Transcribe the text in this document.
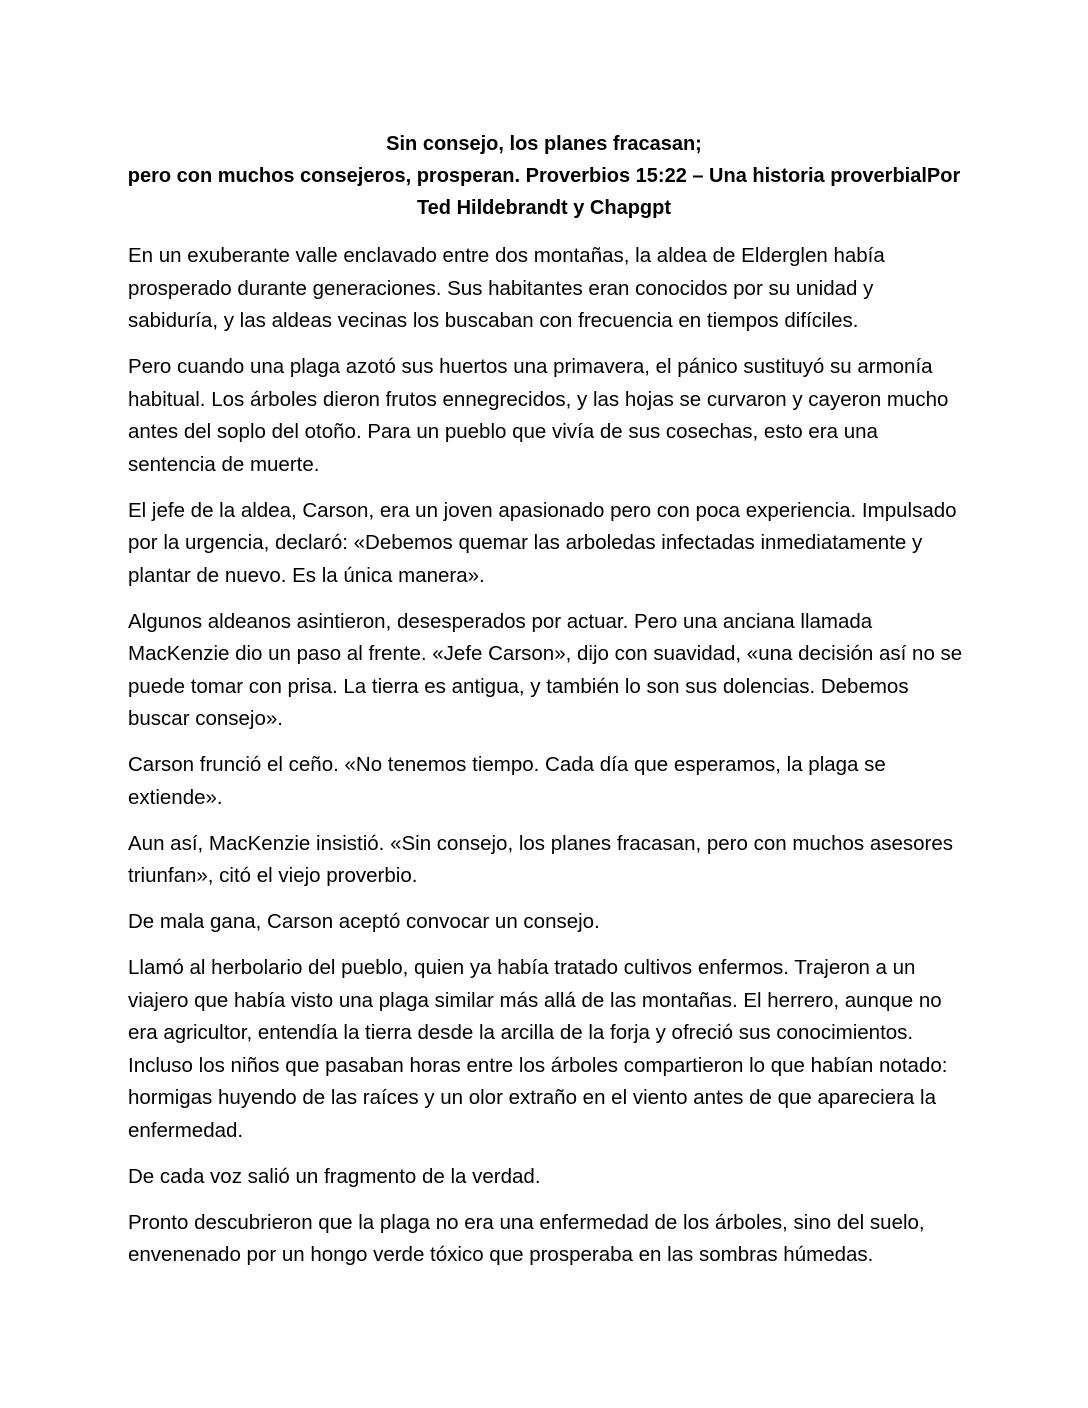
Sin consejo, los planes fracasan;
pero con muchos consejeros, prosperan. Proverbios 15:22 – Una historia proverbialPor
Ted Hildebrandt y Chapgpt

En un exuberante valle enclavado entre dos montañas, la aldea de Elderglen había prosperado durante generaciones. Sus habitantes eran conocidos por su unidad y sabiduría, y las aldeas vecinas los buscaban con frecuencia en tiempos difíciles.

Pero cuando una plaga azotó sus huertos una primavera, el pánico sustituyó su armonía habitual. Los árboles dieron frutos ennegrecidos, y las hojas se curvaron y cayeron mucho antes del soplo del otoño. Para un pueblo que vivía de sus cosechas, esto era una sentencia de muerte.

El jefe de la aldea, Carson, era un joven apasionado pero con poca experiencia. Impulsado por la urgencia, declaró: «Debemos quemar las arboledas infectadas inmediatamente y plantar de nuevo. Es la única manera».

Algunos aldeanos asintieron, desesperados por actuar. Pero una anciana llamada MacKenzie dio un paso al frente. «Jefe Carson», dijo con suavidad, «una decisión así no se puede tomar con prisa. La tierra es antigua, y también lo son sus dolencias. Debemos buscar consejo».

Carson frunció el ceño. «No tenemos tiempo. Cada día que esperamos, la plaga se extiende».

Aun así, MacKenzie insistió. «Sin consejo, los planes fracasan, pero con muchos asesores triunfan», citó el viejo proverbio.

De mala gana, Carson aceptó convocar un consejo.

Llamó al herbolario del pueblo, quien ya había tratado cultivos enfermos. Trajeron a un viajero que había visto una plaga similar más allá de las montañas. El herrero, aunque no era agricultor, entendía la tierra desde la arcilla de la forja y ofreció sus conocimientos. Incluso los niños que pasaban horas entre los árboles compartieron lo que habían notado: hormigas huyendo de las raíces y un olor extraño en el viento antes de que apareciera la enfermedad.

De cada voz salió un fragmento de la verdad.

Pronto descubrieron que la plaga no era una enfermedad de los árboles, sino del suelo, envenenado por un hongo verde tóxico que prosperaba en las sombras húmedas.
